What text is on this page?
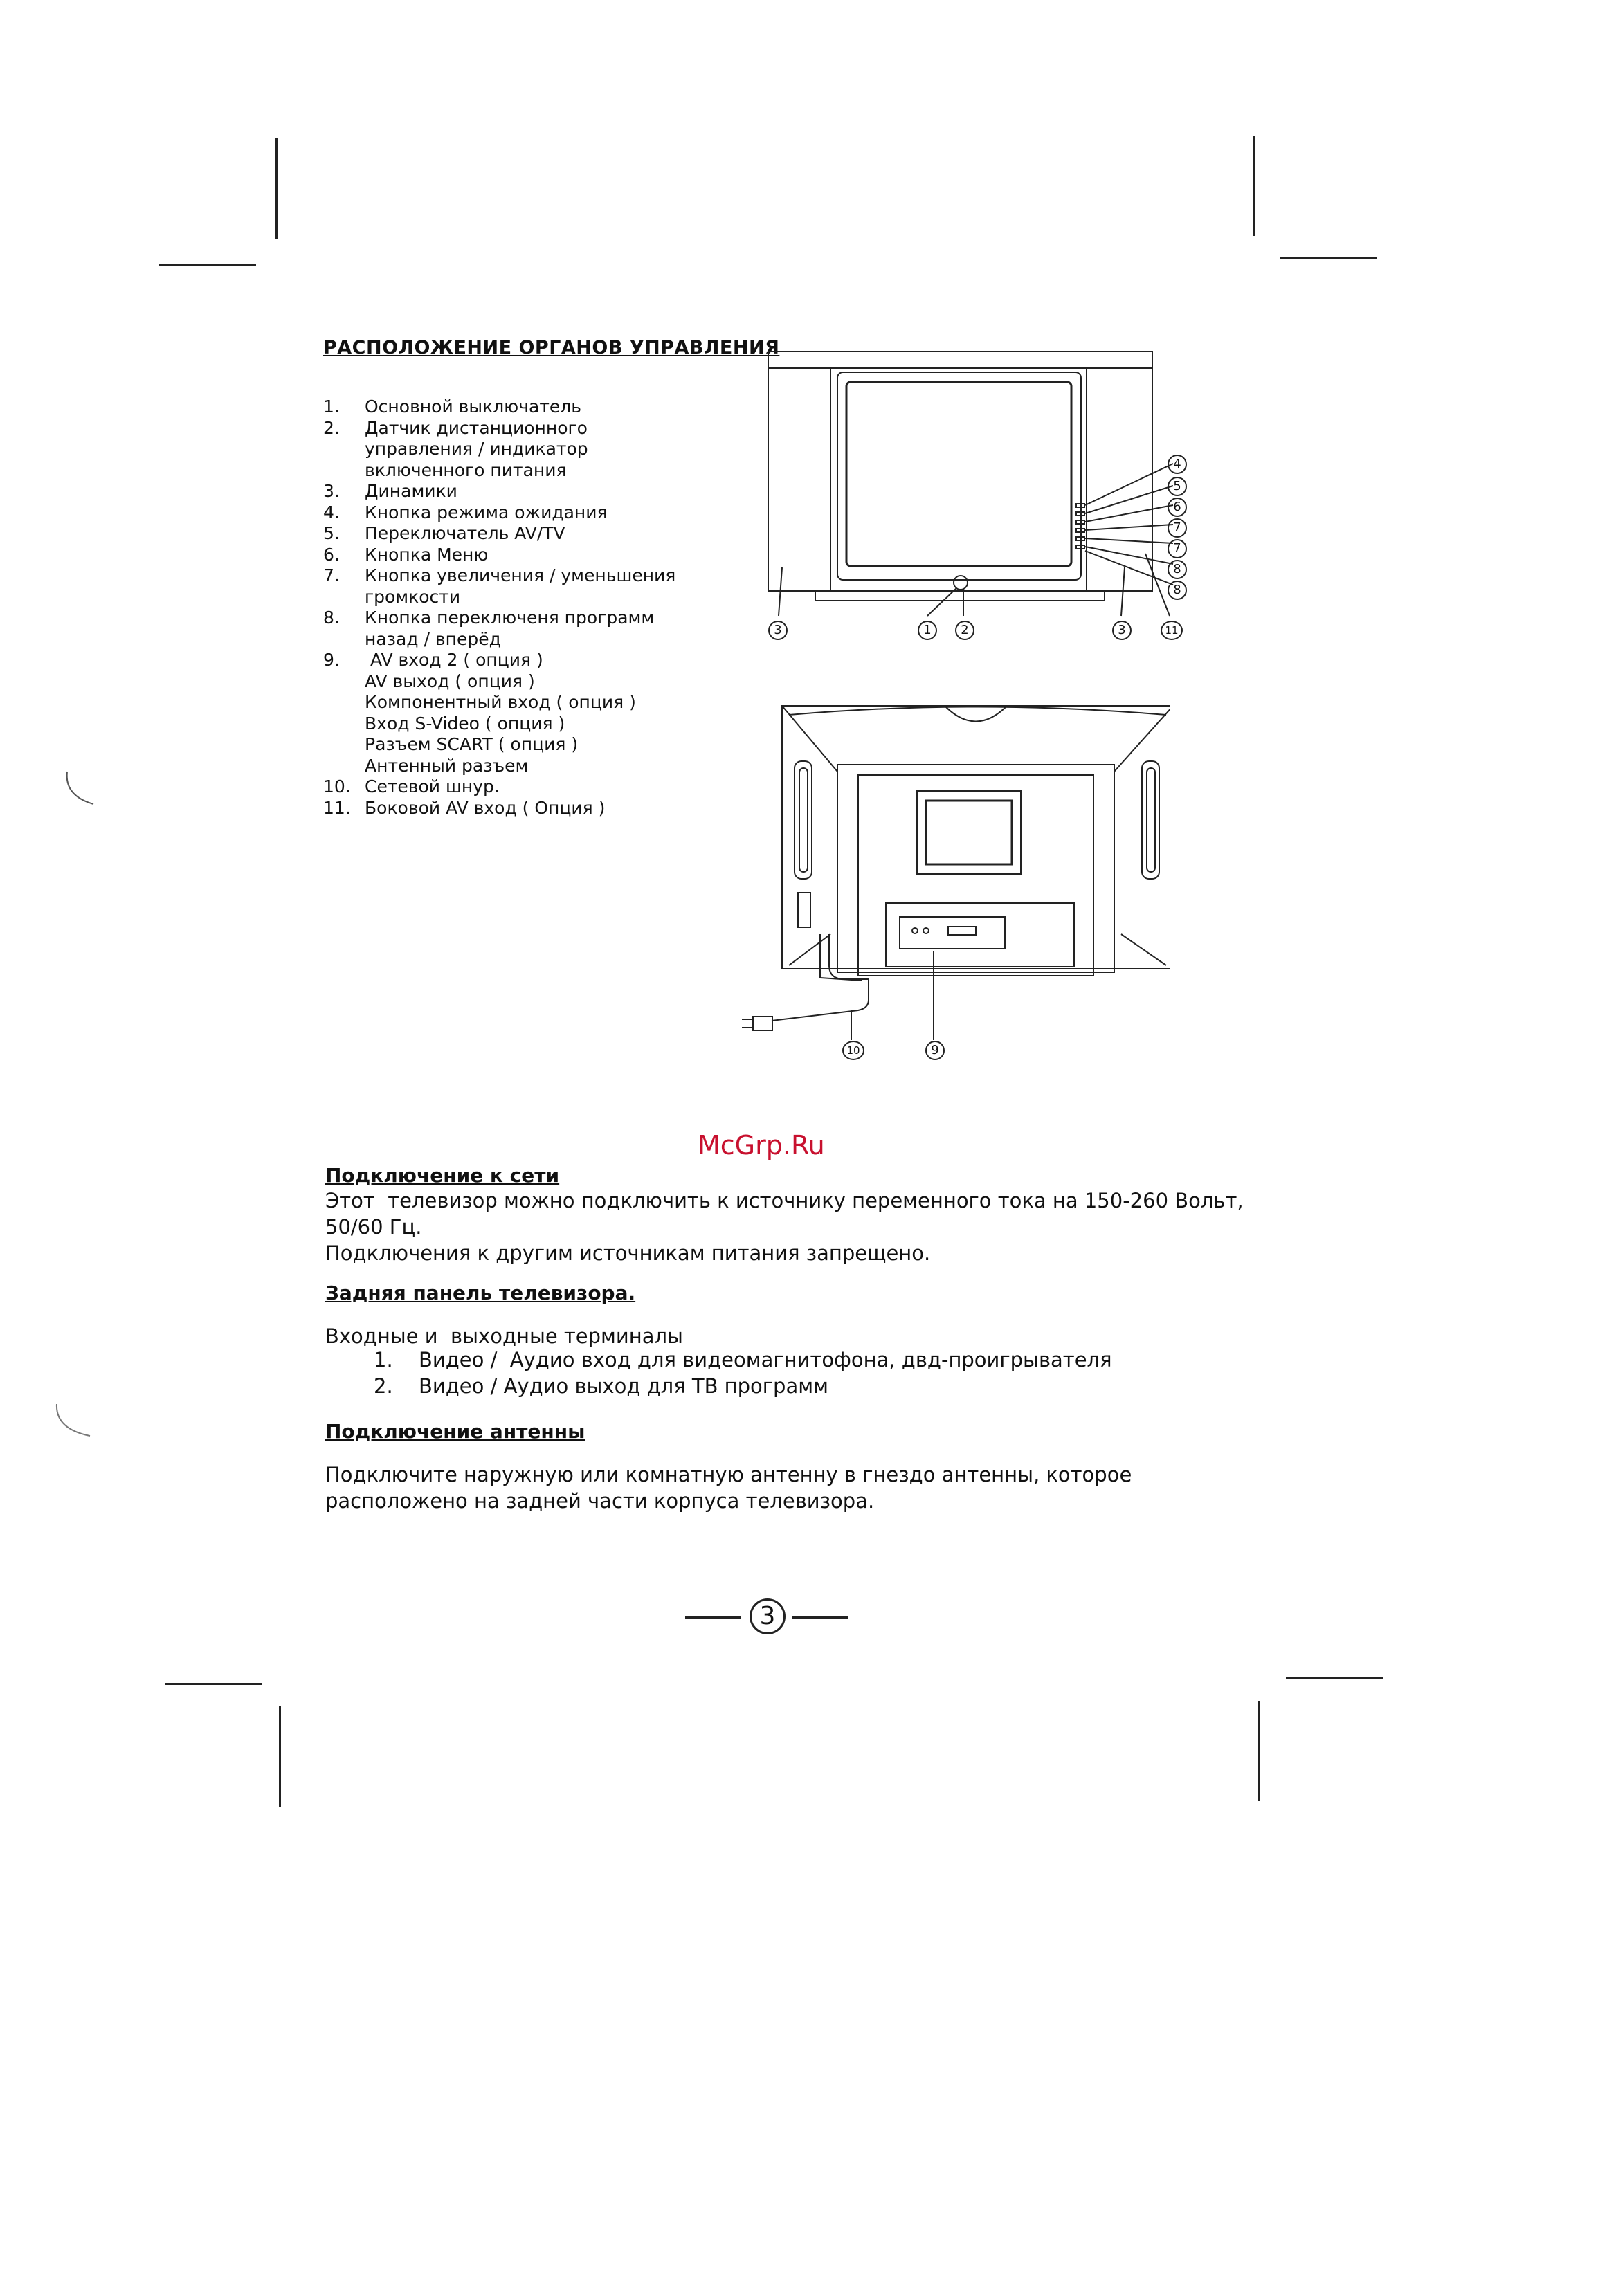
РАСПОЛОЖЕНИЕ ОРГАНОВ УПРАВЛЕНИЯ
1.	Основной выключатель
2.	Датчик дистанционного
управления / индикатор
включенного питания
3.	Динамики
4.	Кнопка режима ожидания
5.	Переключатель AV/TV
6.	Кнопка Меню
7.	Кнопка увеличения / уменьшения
громкости
8.	Кнопка переключеня программ
назад / вперёд
9.	AV вход 2 ( опция )
AV выход ( опция )
Компонентный вход ( опция )
Вход S-Video ( опция )
Разъем SCART ( опция )
Антенный разъем
10. Сетевой шнур.
11. Боковой AV вход ( Опция )
4
5
6
7
7
8
8
3	1	2	3	11
10	9
McGrp.Ru
Подключение к сети
Этот  телевизор можно подключить к источнику переменного тока на 150-260 Вольт,
50/60 Гц.
Подключения к другим источникам питания запрещено.
Задняя панель телевизора.
Входные и  выходные терминалы
1.	Видео /  Аудио вход для видеомагнитофона, двд-проигрывателя
2.	Видео / Аудио выход для ТВ программ
Подключение антенны
Подключите наружную или комнатную антенну в гнездо антенны, которое
расположено на задней части корпуса телевизора.
3
